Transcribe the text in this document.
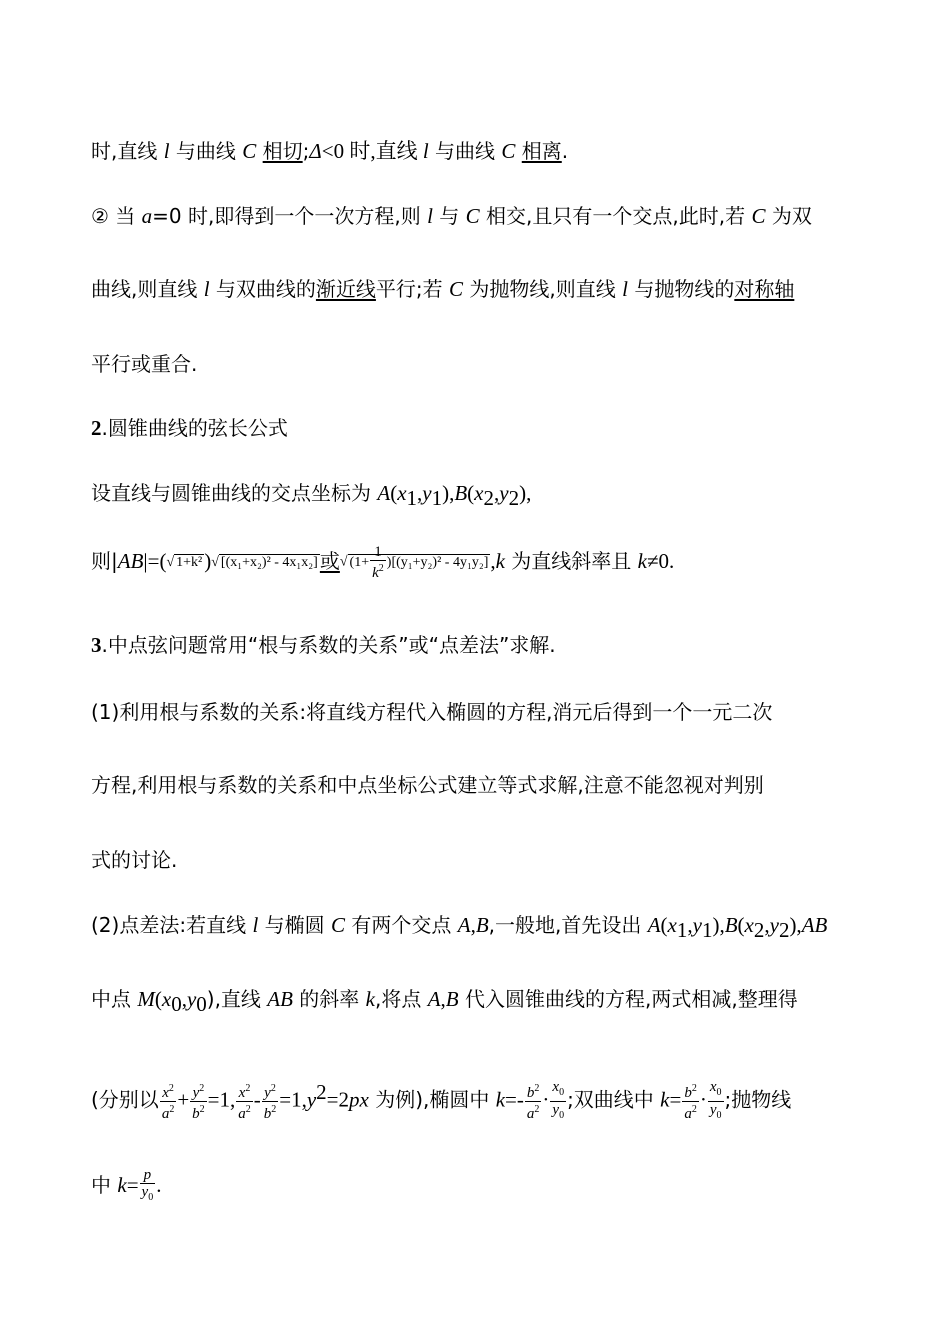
时,直线 l 与曲线 C 相切;Δ<0 时,直线 l 与曲线 C 相离.
② 当 a=0 时,即得到一个一次方程,则 l 与 C 相交,且只有一个交点,此时,若 C 为双
曲线,则直线 l 与双曲线的渐近线平行;若 C 为抛物线,则直线 l 与抛物线的对称轴
平行或重合.
2.圆锥曲线的弦长公式
设直线与圆锥曲线的交点坐标为 $A(x_1,y_1),B(x_2,y_2)$,
则|AB|=(√ 1+k²)√ [(x₁+x₂)² - 4x₁x₂] 或√ $(1+ \frac{1}{k^2} )[(y_1+y_2)^2 - 4y_1y_2],k$ 为直线斜率且 k≠0.
3.中点弦问题常用“根与系数的关系”或“点差法”求解.
(1)利用根与系数的关系:将直线方程代入椭圆的方程,消元后得到一个一元二次
方程,利用根与系数的关系和中点坐标公式建立等式求解,注意不能忽视对判别
式的讨论.
(2)点差法:若直线 l 与椭圆 C 有两个交点 A,B,一般地,首先设出 $A(x_1,y_1),B(x_2,y_2),AB$
中点 $M(x_0,y_0)$,直线 AB 的斜率 k,将点 A,B 代入圆锥曲线的方程,两式相减,整理得
(分别以 $\frac{x^2}{a^2} + \frac{y^2}{b^2} =1$, $\frac{x^2}{a^2} - \frac{y^2}{b^2} =1,y^2=2px$ 为例),椭圆中 $k=- \frac{b^2}{a^2} \cdot \frac{x_0}{y_0}$ ;双曲线中 $k= \frac{b^2}{a^2} \cdot \frac{x_0}{y_0}$ ;抛物线
中 $k= \frac{p}{y_0}$ .
